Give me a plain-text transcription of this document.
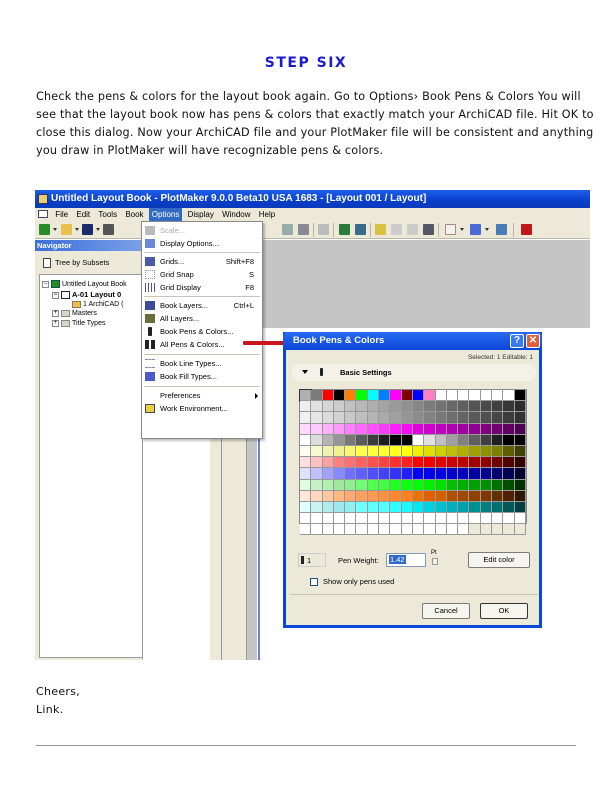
STEP SIX
Check the pens & colors for the layout book again. Go to Options› Book Pens & Colors You will see that the layout book now has pens & colors that exactly match your ArchiCAD file. Hit OK to close this dialog. Now your ArchiCAD file and your PlotMaker file will be consistent and anything you draw in PlotMaker will have recognizable pens & colors.
Untitled Layout Book - PlotMaker 9.0.0 Beta10 USA 1683 - [Layout 001 / Layout]
File Edit Tools Book Options Display Window Help
Navigator
Tree by Subsets
− Untitled Layout Book
− A-01 Layout 0
1 ArchiCAD (
+ Masters
+ Title Types
Scale...
Display Options...
Grids...	Shift+F8
Grid Snap	S
Grid Display	F8
Book Layers...	Ctrl+L
All Layers...
Book Pens & Colors...
All Pens & Colors...
Book Line Types...
Book Fill Types...
Preferences
Work Environment...
Book Pens & Colors	? ✕
Selected: 1 Editable: 1
Basic Settings
1	Pen Weight:	1.42
Pt
Edit color
Show only pens used
Cancel	OK
Cheers,
Link.
